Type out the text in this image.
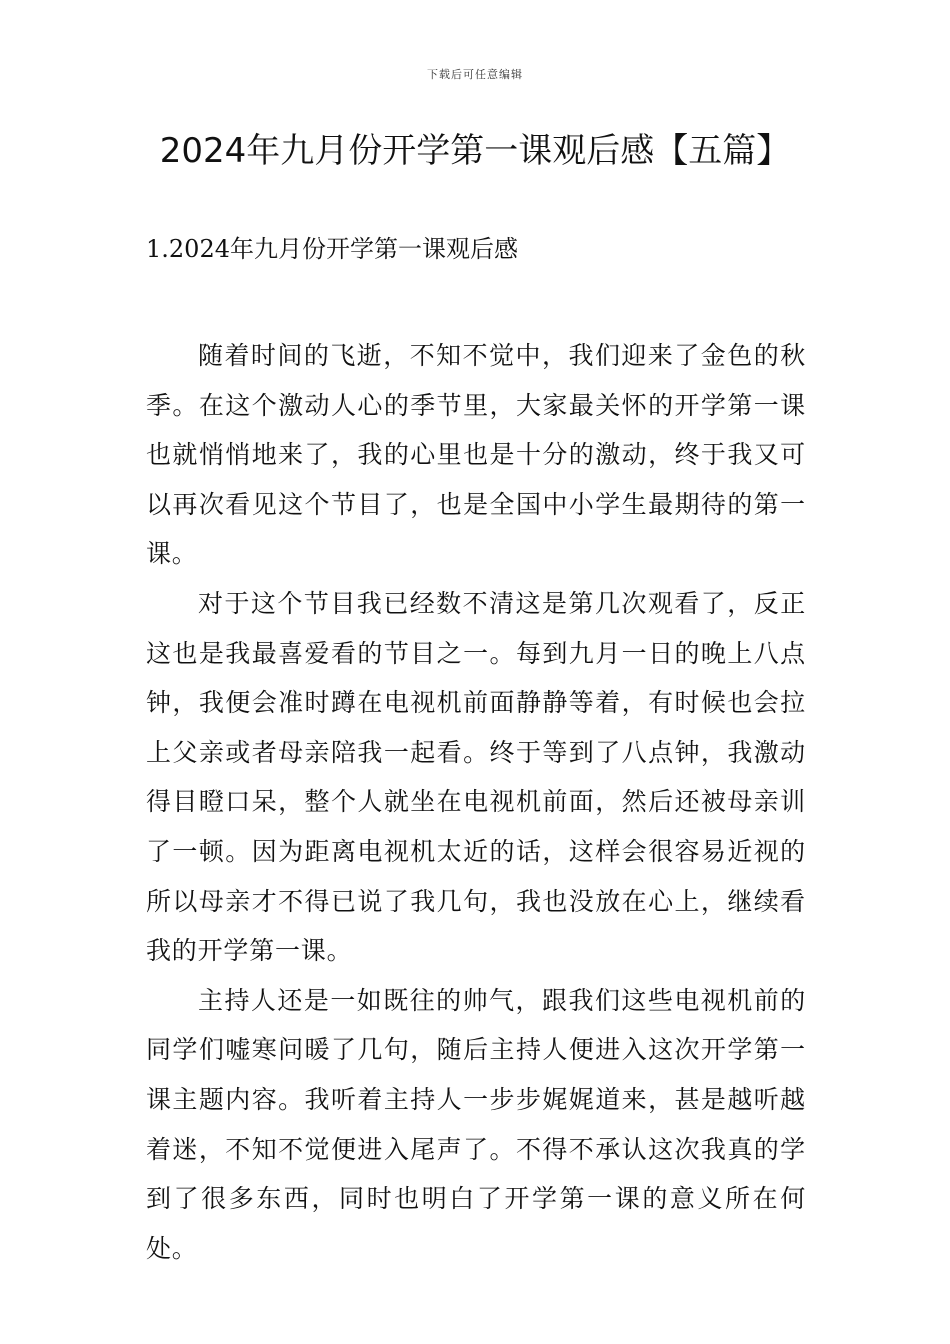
下载后可任意编辑
2024年九月份开学第一课观后感【五篇】
1.2024年九月份开学第一课观后感

随着时间的飞逝，不知不觉中，我们迎来了金色的秋季。在这个激动人心的季节里，大家最关怀的开学第一课也就悄悄地来了，我的心里也是十分的激动，终于我又可以再次看见这个节目了，也是全国中小学生最期待的第一课。

对于这个节目我已经数不清这是第几次观看了，反正这也是我最喜爱看的节目之一。每到九月一日的晚上八点钟，我便会准时蹲在电视机前面静静等着，有时候也会拉上父亲或者母亲陪我一起看。终于等到了八点钟，我激动得目瞪口呆，整个人就坐在电视机前面，然后还被母亲训了一顿。因为距离电视机太近的话，这样会很容易近视的所以母亲才不得已说了我几句，我也没放在心上，继续看我的开学第一课。

主持人还是一如既往的帅气，跟我们这些电视机前的同学们嘘寒问暖了几句，随后主持人便进入这次开学第一课主题内容。我听着主持人一步步娓娓道来，甚是越听越着迷，不知不觉便进入尾声了。不得不承认这次我真的学到了很多东西，同时也明白了开学第一课的意义所在何处。
